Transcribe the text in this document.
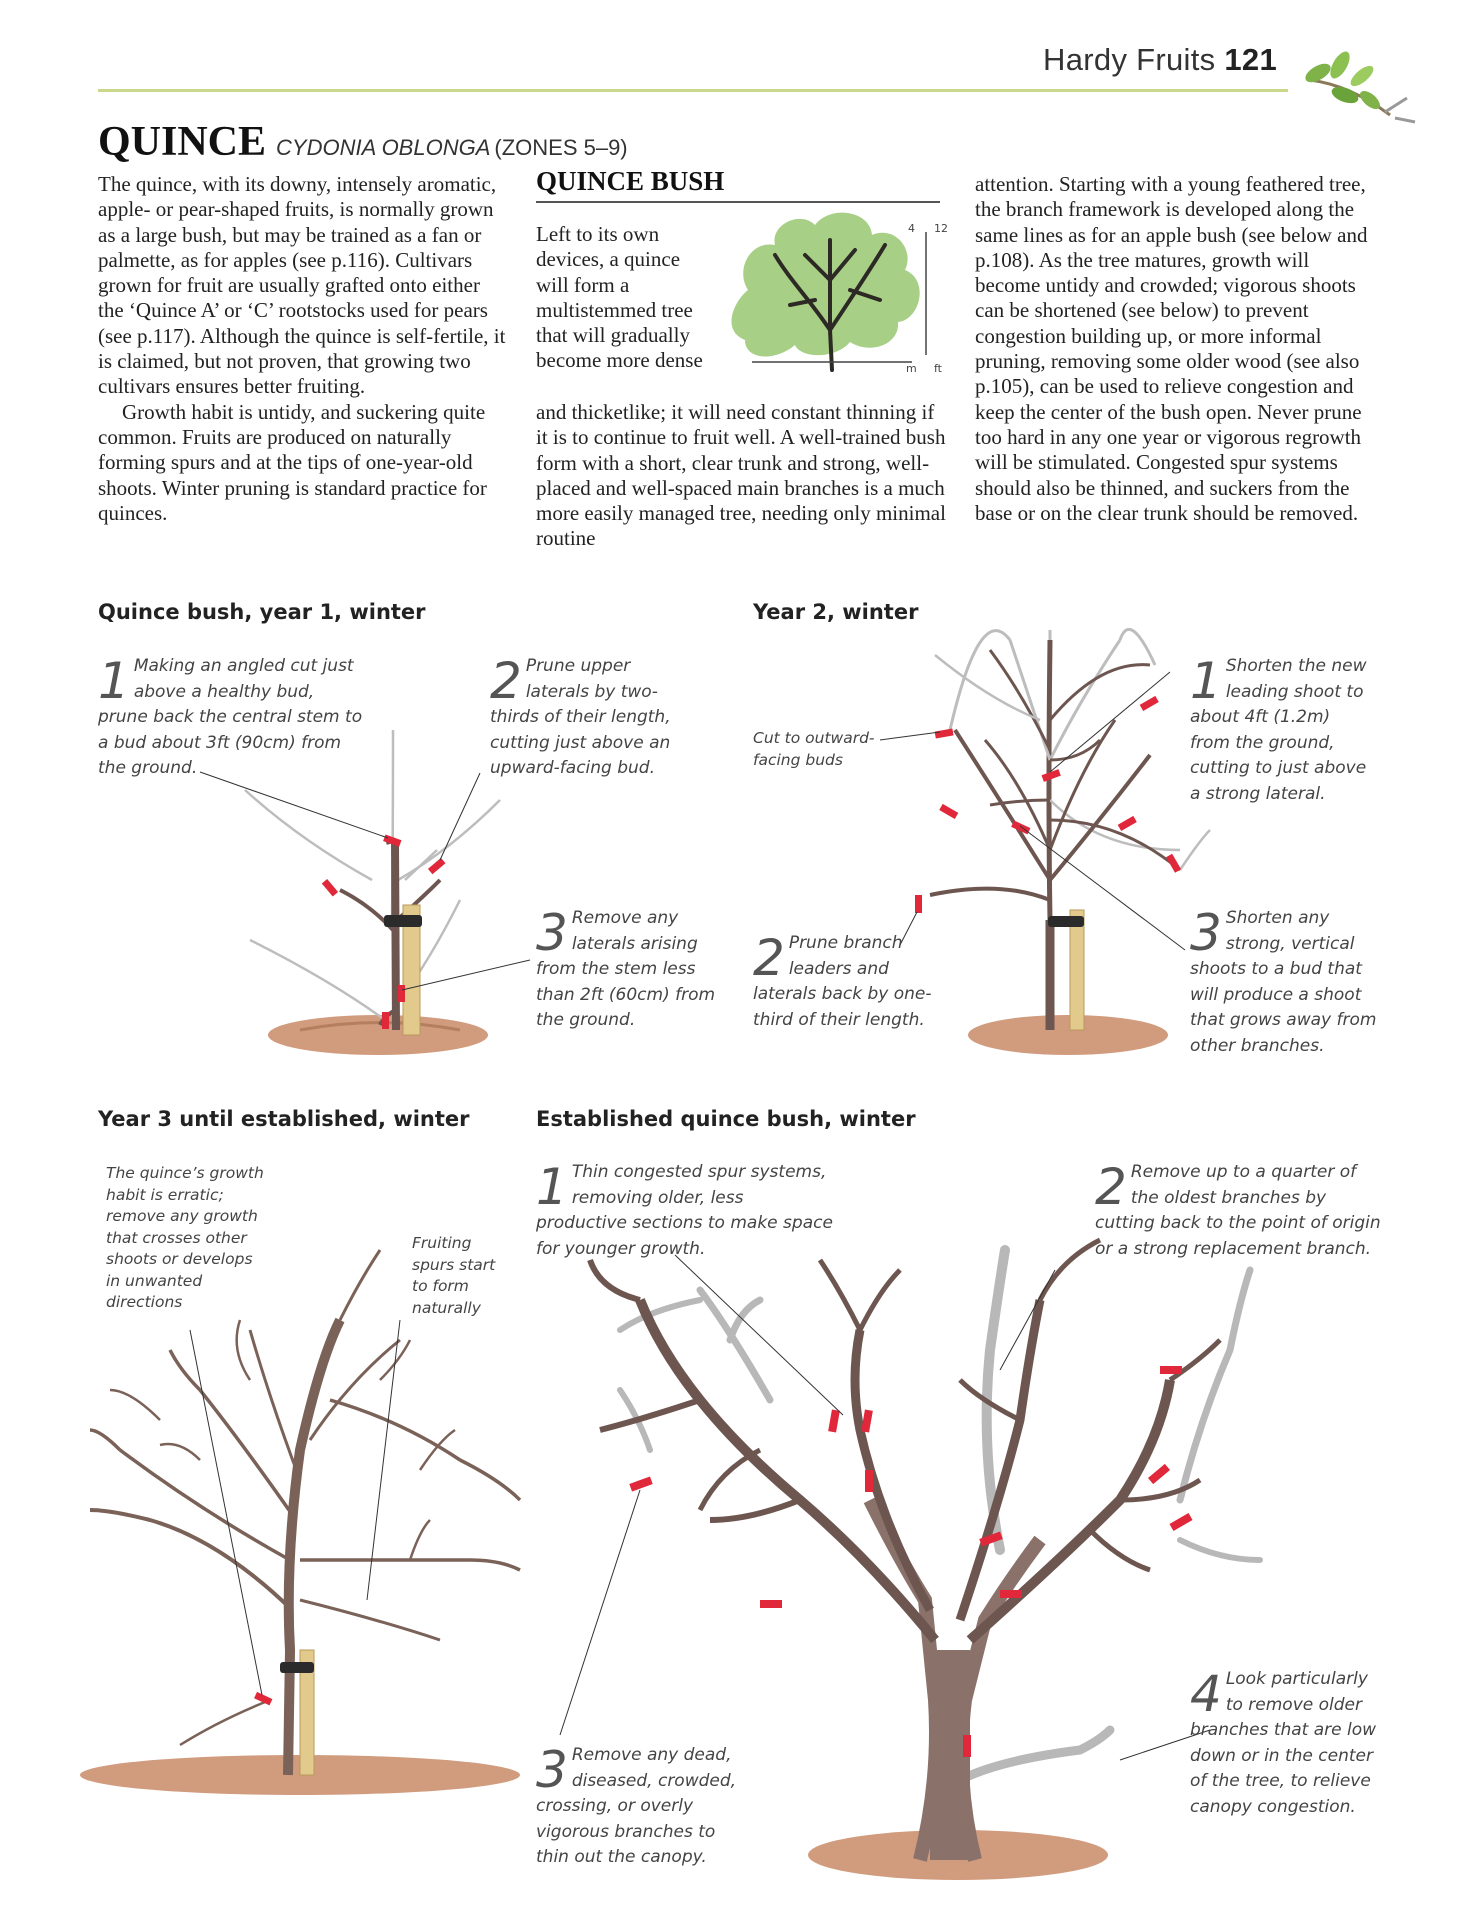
Hardy Fruits 121
QUINCE CYDONIA OBLONGA (ZONES 5–9)

The quince, with its downy, intensely aromatic, apple- or pear-shaped fruits, is normally grown as a large bush, but may be trained as a fan or palmette, as for apples (see p.116). Cultivars grown for fruit are usually grafted onto either the ‘Quince A’ or ‘C’ rootstocks used for pears (see p.117). Although the quince is self-fertile, it is claimed, but not proven, that growing two cultivars ensures better fruiting.

Growth habit is untidy, and suckering quite common. Fruits are produced on naturally forming spurs and at the tips of one-year-old shoots. Winter pruning is standard practice for quinces.

QUINCE BUSH
Left to its own devices, a quince will form a multistemmed tree that will gradually become more dense
and thicketlike; it will need constant thinning if it is to continue to fruit well. A well-trained bush form with a short, clear trunk and strong, well-placed and well-spaced main branches is a much more easily managed tree, needing only minimal routine
4 12
m ft
attention. Starting with a young feathered tree, the branch framework is developed along the same lines as for an apple bush (see below and p.108). As the tree matures, growth will become untidy and crowded; vigorous shoots can be shortened (see below) to prevent congestion building up, or more informal pruning, removing some older wood (see also p.105), can be used to relieve congestion and keep the center of the bush open. Never prune too hard in any one year or vigorous regrowth will be stimulated. Congested spur systems should also be thinned, and suckers from the base or on the clear trunk should be removed.
Quince bush, year 1, winter
1 Making an angled cut just above a healthy bud, prune back the central stem to a bud about 3ft (90cm) from the ground.
2 Prune upper laterals by two-thirds of their length, cutting just above an upward-facing bud.
3 Remove any laterals arising from the stem less than 2ft (60cm) from the ground.
Year 2, winter
Cut to outward-facing buds
1 Shorten the new leading shoot to about 4ft (1.2m) from the ground, cutting to just above a strong lateral.
2 Prune branch leaders and laterals back by one-third of their length.
3 Shorten any strong, vertical shoots to a bud that will produce a shoot that grows away from other branches.
Year 3 until established, winter
The quince’s growth habit is erratic; remove any growth that crosses other shoots or develops in unwanted directions
Fruiting spurs start to form naturally
Established quince bush, winter
1 Thin congested spur systems, removing older, less productive sections to make space for younger growth.
2 Remove up to a quarter of the oldest branches by cutting back to the point of origin or a strong replacement branch.
3 Remove any dead, diseased, crowded, crossing, or overly vigorous branches to thin out the canopy.
4 Look particularly to remove older branches that are low down or in the center of the tree, to relieve canopy congestion.
